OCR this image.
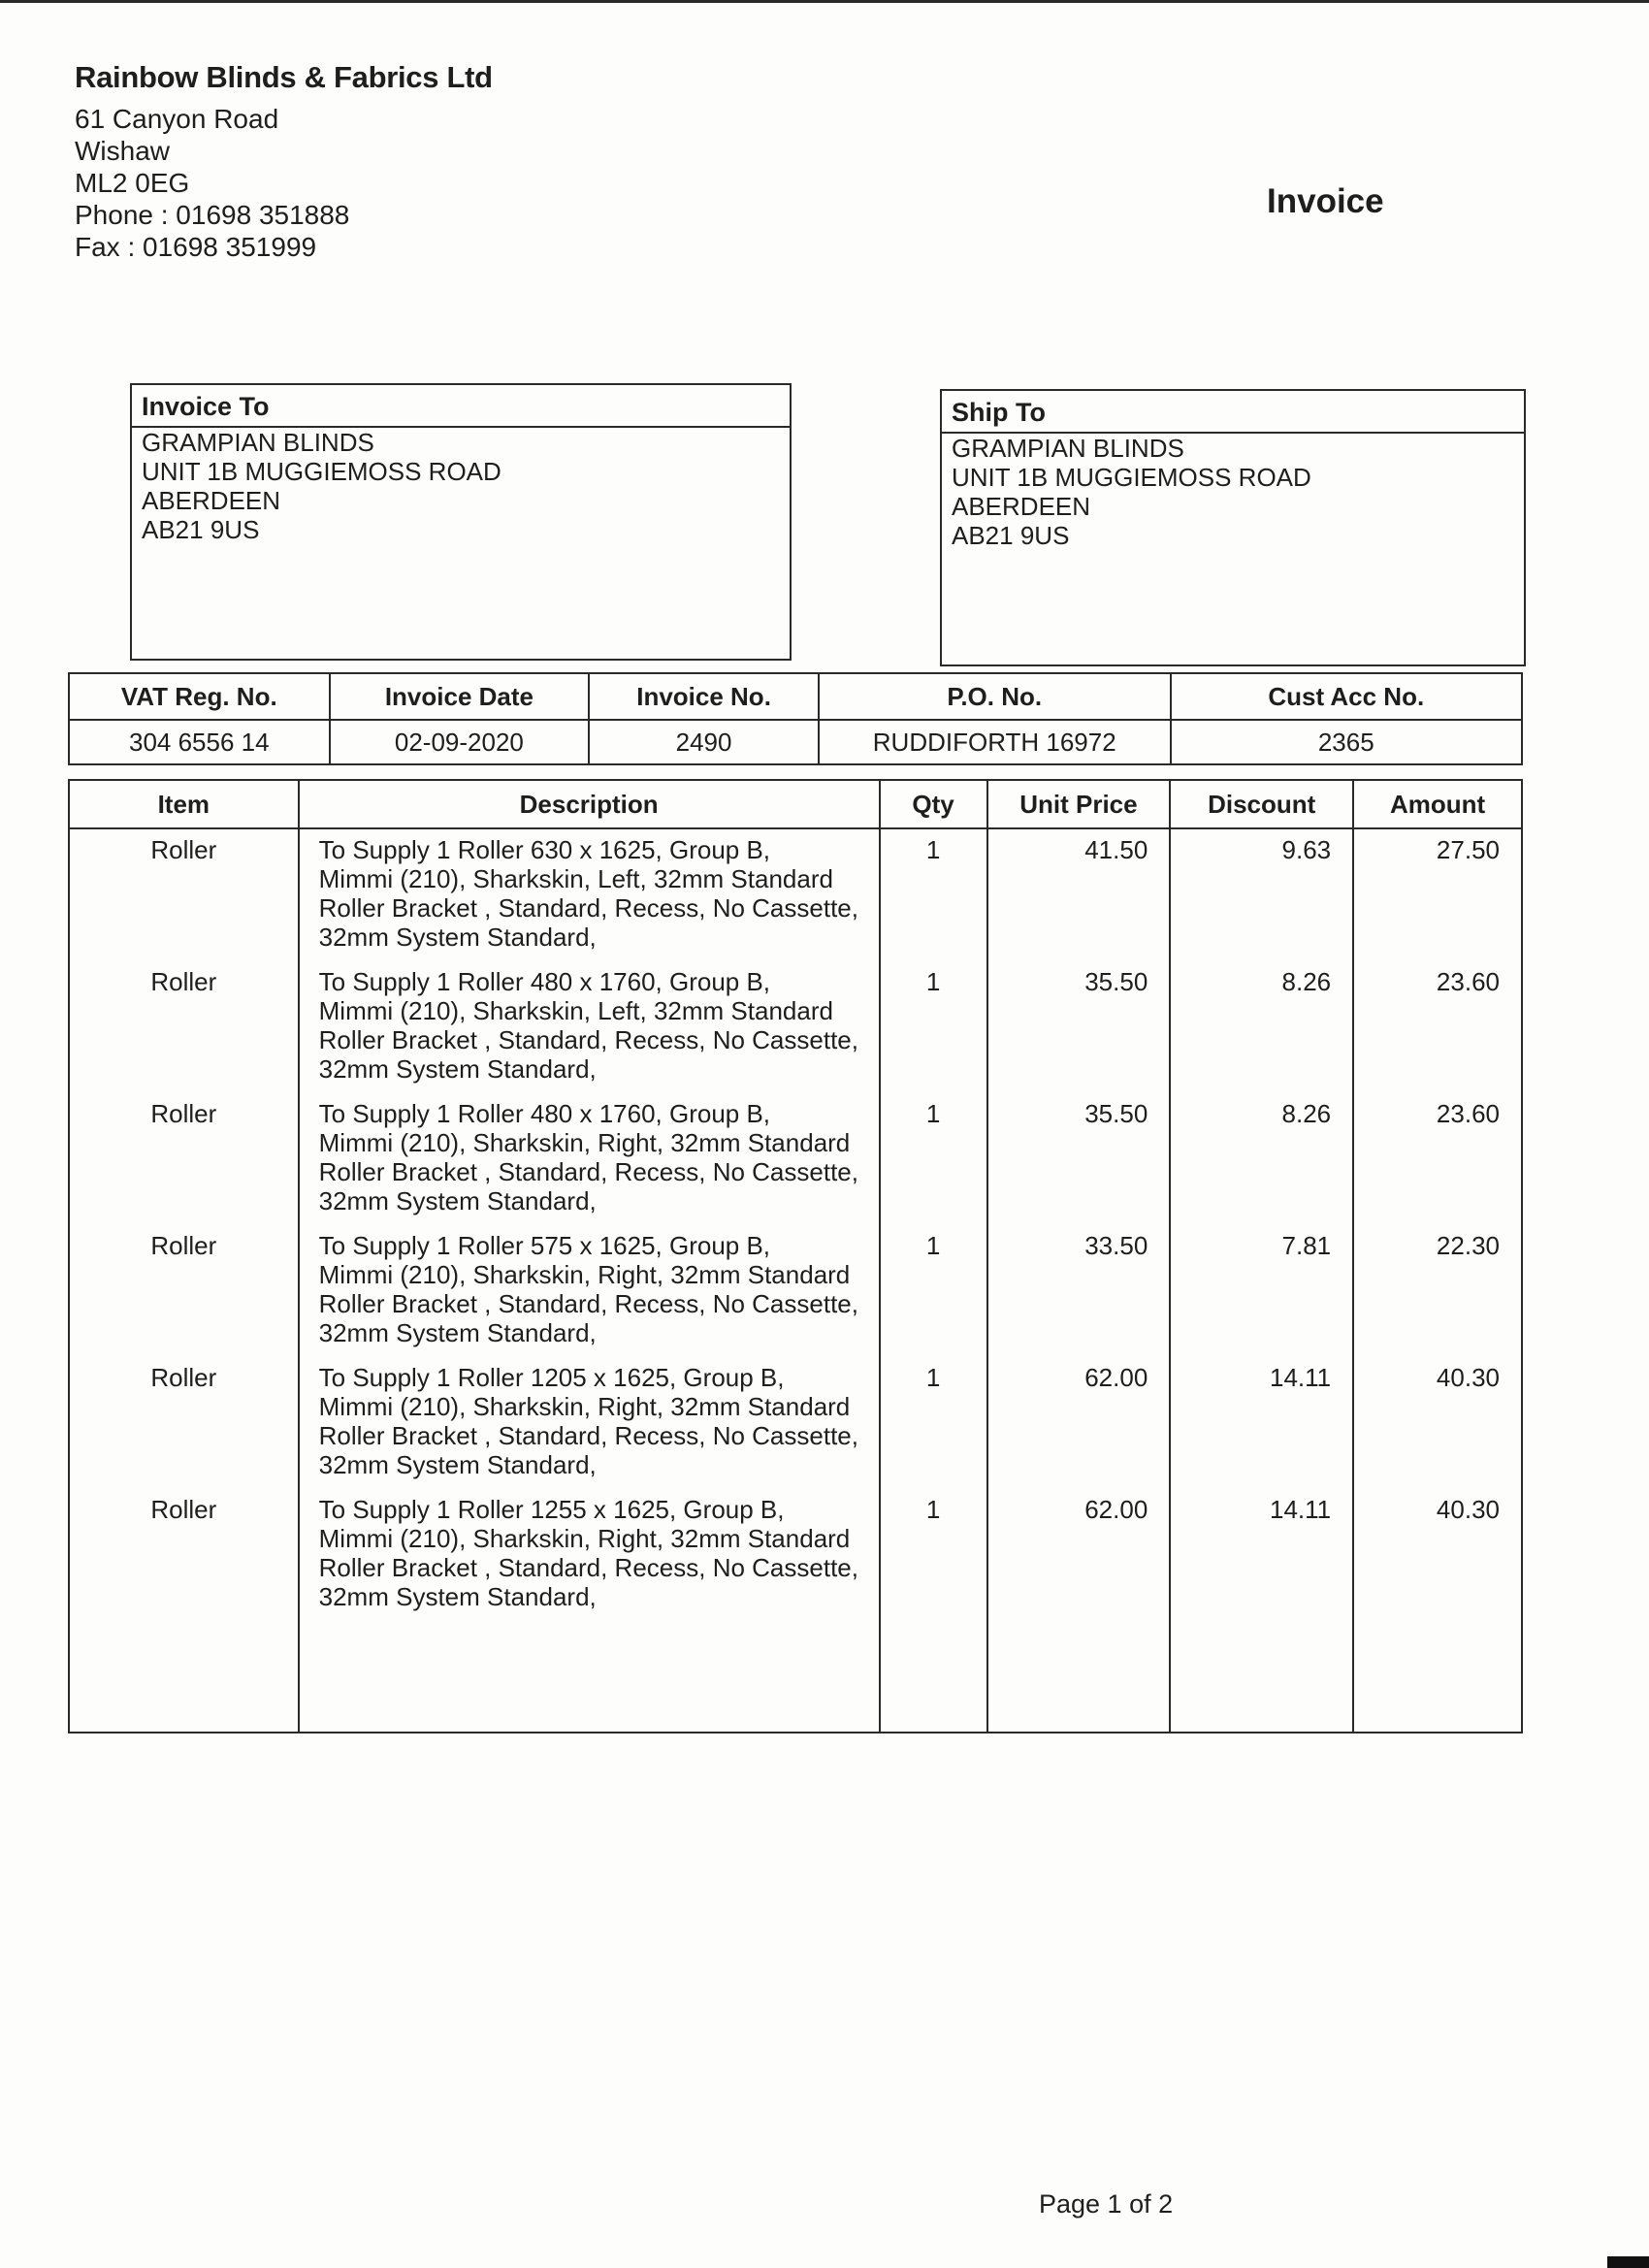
Rainbow Blinds & Fabrics Ltd
61 Canyon Road
Wishaw
ML2 0EG
Phone : 01698 351888
Fax : 01698 351999
Invoice
Invoice To
GRAMPIAN BLINDS
UNIT 1B MUGGIEMOSS ROAD
ABERDEEN
AB21 9US
Ship To
GRAMPIAN BLINDS
UNIT 1B MUGGIEMOSS ROAD
ABERDEEN
AB21 9US
VAT Reg. No.	Invoice Date	Invoice No.	P.O. No.	Cust Acc No.
304 6556 14	02-09-2020	2490	RUDDIFORTH 16972	2365
Item	Description	Qty	Unit Price	Discount	Amount
Roller	To Supply 1 Roller 630 x 1625, Group B,
Mimmi (210), Sharkskin, Left, 32mm Standard
Roller Bracket , Standard, Recess, No Cassette,
32mm System Standard,	1	41.50	9.63	27.50
Roller	To Supply 1 Roller 480 x 1760, Group B,
Mimmi (210), Sharkskin, Left, 32mm Standard
Roller Bracket , Standard, Recess, No Cassette,
32mm System Standard,	1	35.50	8.26	23.60
Roller	To Supply 1 Roller 480 x 1760, Group B,
Mimmi (210), Sharkskin, Right, 32mm Standard
Roller Bracket , Standard, Recess, No Cassette,
32mm System Standard,	1	35.50	8.26	23.60
Roller	To Supply 1 Roller 575 x 1625, Group B,
Mimmi (210), Sharkskin, Right, 32mm Standard
Roller Bracket , Standard, Recess, No Cassette,
32mm System Standard,	1	33.50	7.81	22.30
Roller	To Supply 1 Roller 1205 x 1625, Group B,
Mimmi (210), Sharkskin, Right, 32mm Standard
Roller Bracket , Standard, Recess, No Cassette,
32mm System Standard,	1	62.00	14.11	40.30
Roller	To Supply 1 Roller 1255 x 1625, Group B,
Mimmi (210), Sharkskin, Right, 32mm Standard
Roller Bracket , Standard, Recess, No Cassette,
32mm System Standard,	1	62.00	14.11	40.30

Page 1 of 2
